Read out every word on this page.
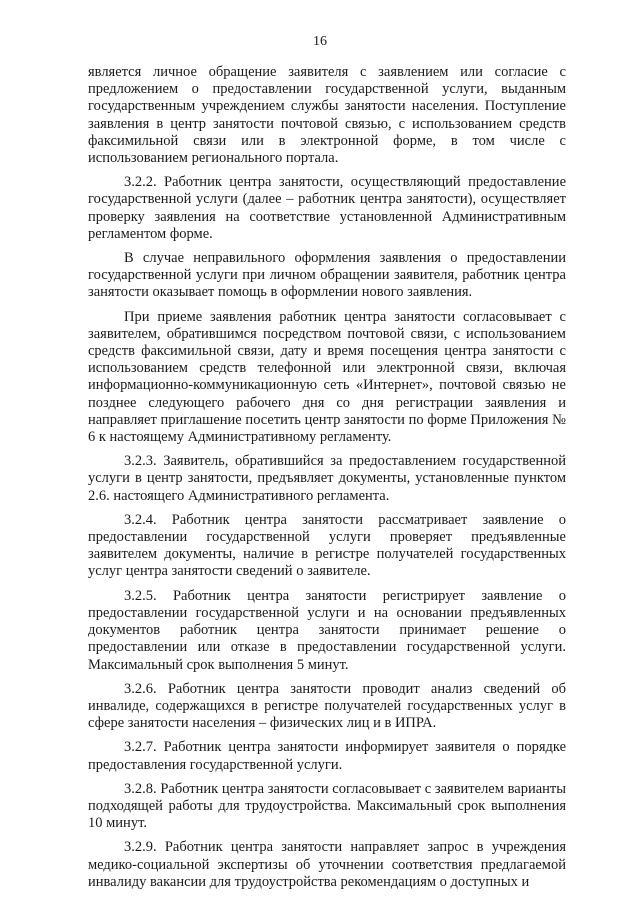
16

является личное обращение заявителя с заявлением или согласие с предложением о предоставлении государственной услуги, выданным государственным учреждением службы занятости населения. Поступление заявления в центр занятости почтовой связью, с использованием средств факсимильной связи или в электронной форме, в том числе с использованием регионального портала.

3.2.2. Работник центра занятости, осуществляющий предоставление государственной услуги (далее – работник центра занятости), осуществляет проверку заявления на соответствие установленной Административным регламентом форме.

В случае неправильного оформления заявления о предоставлении государственной услуги при личном обращении заявителя, работник центра занятости оказывает помощь в оформлении нового заявления.

При приеме заявления работник центра занятости согласовывает с заявителем, обратившимся посредством почтовой связи, с использованием средств факсимильной связи, дату и время посещения центра занятости с использованием средств телефонной или электронной связи, включая информационно-коммуникационную сеть «Интернет», почтовой связью не позднее следующего рабочего дня со дня регистрации заявления и направляет приглашение посетить центр занятости по форме Приложения № 6 к настоящему Административному регламенту.

3.2.3. Заявитель, обратившийся за предоставлением государственной услуги в центр занятости, предъявляет документы, установленные пунктом 2.6. настоящего Административного регламента.

3.2.4. Работник центра занятости рассматривает заявление о предоставлении государственной услуги проверяет предъявленные заявителем документы, наличие в регистре получателей государственных услуг центра занятости сведений о заявителе.

3.2.5. Работник центра занятости регистрирует заявление о предоставлении государственной услуги и на основании предъявленных документов работник центра занятости принимает решение о предоставлении или отказе в предоставлении государственной услуги. Максимальный срок выполнения 5 минут.

3.2.6. Работник центра занятости проводит анализ сведений об инвалиде, содержащихся в регистре получателей государственных услуг в сфере занятости населения – физических лиц и в ИПРА.

3.2.7. Работник центра занятости информирует заявителя о порядке предоставления государственной услуги.

3.2.8. Работник центра занятости согласовывает с заявителем варианты подходящей работы для трудоустройства. Максимальный срок выполнения 10 минут.

3.2.9. Работник центра занятости направляет запрос в учреждения медико-социальной экспертизы об уточнении соответствия предлагаемой инвалиду вакансии для трудоустройства рекомендациям о доступных и
